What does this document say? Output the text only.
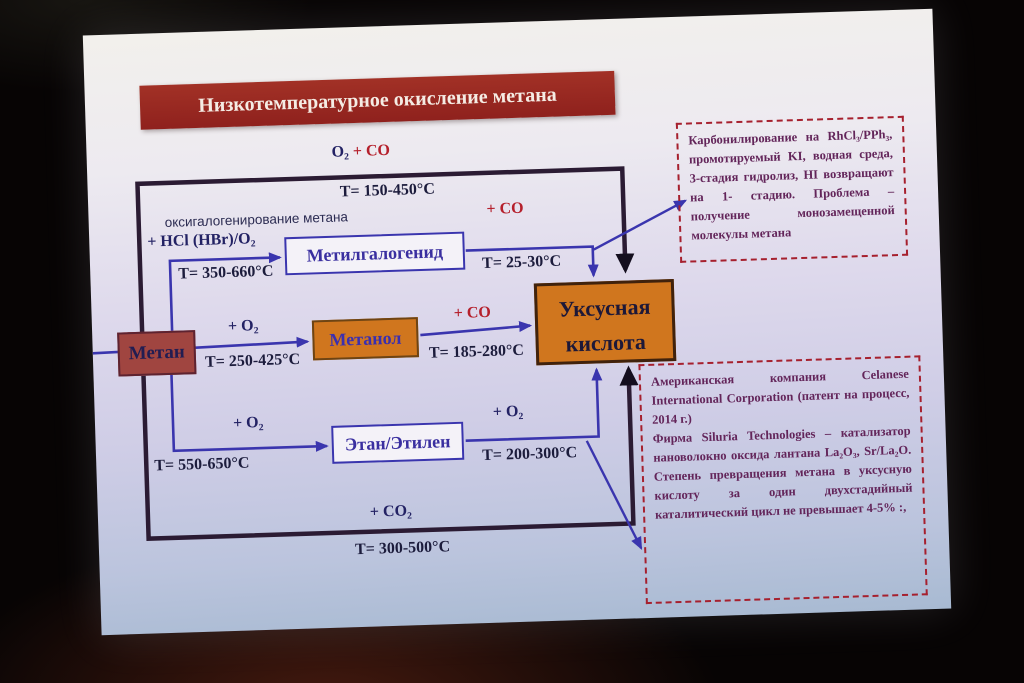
Низкотемпературное окисление метана
O₂ + CO
T= 150-450°C
оксигалогенирование метана
+ HCl (HBr)/O₂
T= 350-660°C
+ CO
T= 25-30°C
+ O₂
T= 250-425°C
+ CO
T= 185-280°C
+ O₂
T= 550-650°C
+ O₂
T= 200-300°C
+ CO₂
T= 300-500°C
Метан
Метилгалогенид
Метанол
Этан/Этилен
Уксусная
кислота

Карбонилирование на RhCl₃/PPh₃, промотируемый KI, водная среда, 3-стадия гидролиз, HI возвращают на 1- стадию. Проблема – получение монозамещенной молекулы метана

Американская компания Celanese International Corporation (патент на процесс, 2014 г.)

Фирма Siluria Technologies – катализатор нановолокно оксида лантана La₂O₃, Sr/La₂O. Степень превращения метана в уксусную кислоту за один двухстадийный каталитический цикл не превышает 4-5% :,
